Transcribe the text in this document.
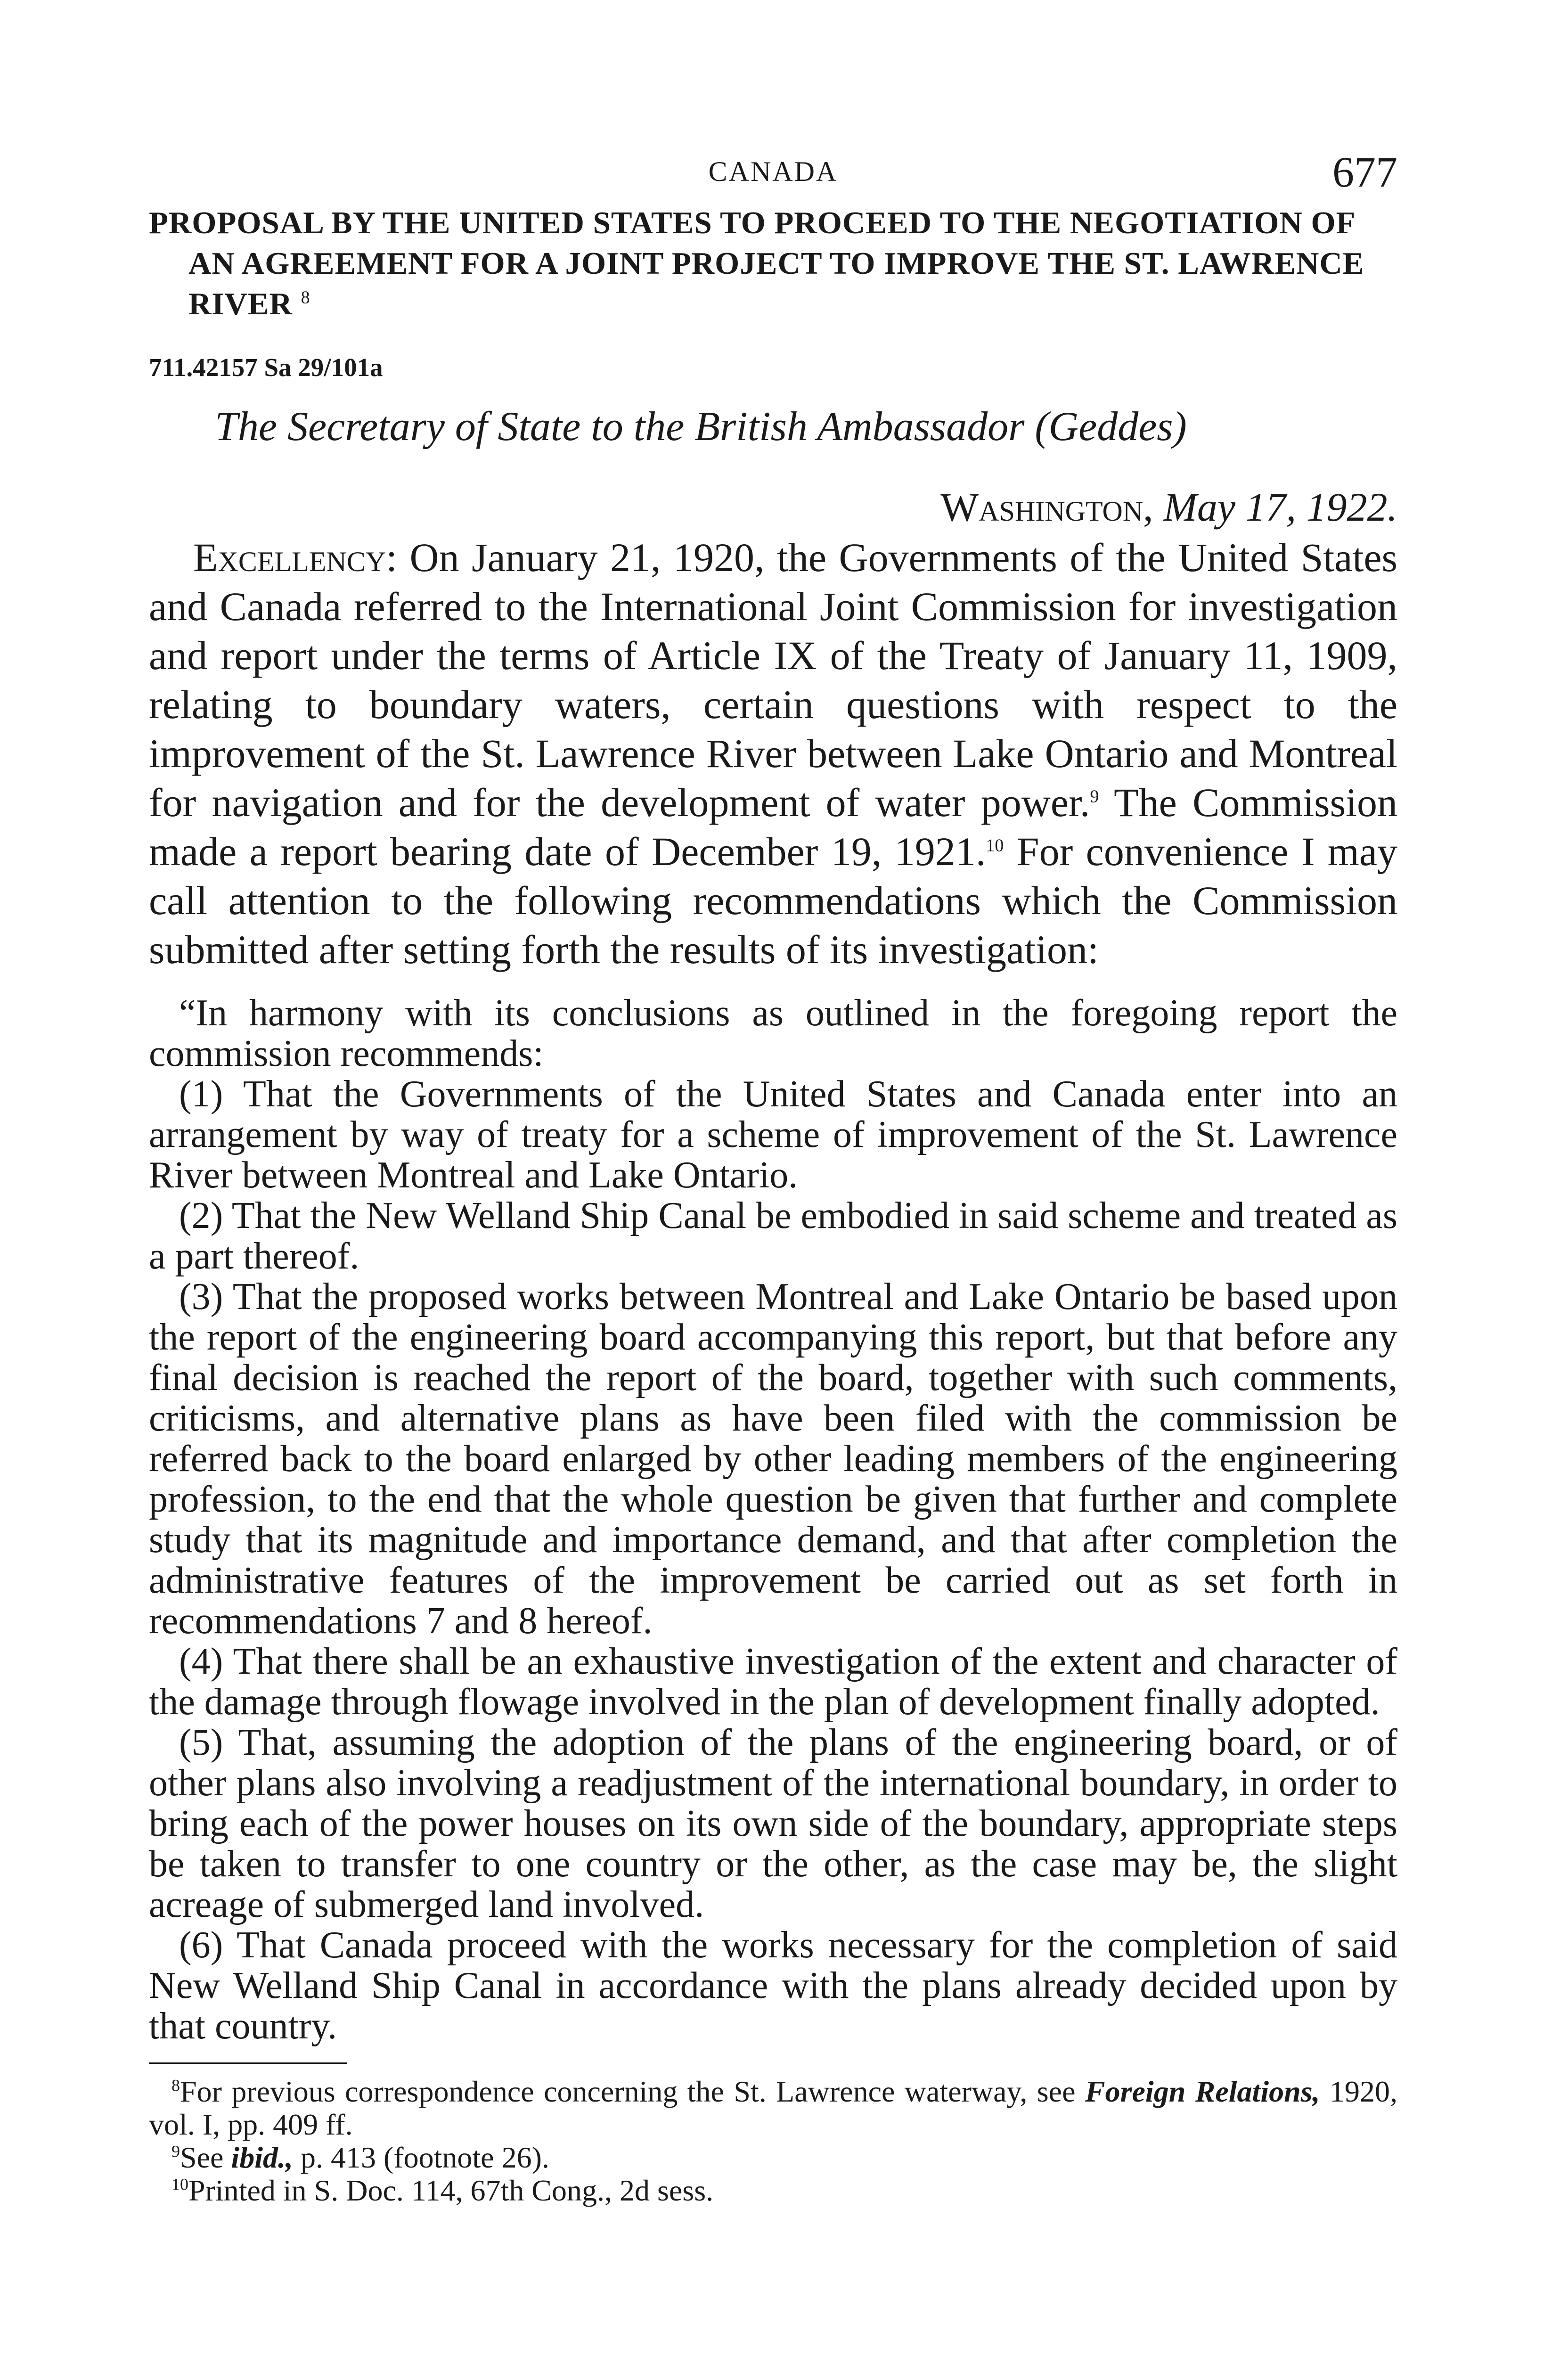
CANADA	677
PROPOSAL BY THE UNITED STATES TO PROCEED TO THE NEGOTIATION OF AN AGREEMENT FOR A JOINT PROJECT TO IMPROVE THE ST. LAWRENCE RIVER $^8$

711.42157 Sa 29/101a

The Secretary of State to the British Ambassador (Geddes)

Washington, May 17, 1922.

Excellency: On January 21, 1920, the Governments of the United States and Canada referred to the International Joint Commission for investigation and report under the terms of Article IX of the Treaty of January 11, 1909, relating to boundary waters, certain questions with respect to the improvement of the St. Lawrence River between Lake Ontario and Montreal for navigation and for the development of water power.$^9$ The Commission made a report bearing date of December 19, 1921.10 For convenience I may call attention to the following recommendations which the Commission submitted after setting forth the results of its investigation:

“In harmony with its conclusions as outlined in the foregoing report the commission recommends:

(1) That the Governments of the United States and Canada enter into an arrangement by way of treaty for a scheme of improvement of the St. Lawrence River between Montreal and Lake Ontario.

(2) That the New Welland Ship Canal be embodied in said scheme and treated as a part thereof.

(3) That the proposed works between Montreal and Lake Ontario be based upon the report of the engineering board accompanying this report, but that before any final decision is reached the report of the board, together with such comments, criticisms, and alternative plans as have been filed with the commission be referred back to the board enlarged by other leading members of the engineering profession, to the end that the whole question be given that further and complete study that its magnitude and importance demand, and that after completion the administrative features of the improvement be carried out as set forth in recommendations 7 and 8 hereof.

(4) That there shall be an exhaustive investigation of the extent and character of the damage through flowage involved in the plan of development finally adopted.

(5) That, assuming the adoption of the plans of the engineering board, or of other plans also involving a readjustment of the international boundary, in order to bring each of the power houses on its own side of the boundary, appropriate steps be taken to transfer to one country or the other, as the case may be, the slight acreage of submerged land involved.

(6) That Canada proceed with the works necessary for the completion of said New Welland Ship Canal in accordance with the plans already decided upon by that country.

$^8$For previous correspondence concerning the St. Lawrence waterway, see Foreign Relations, 1920, vol. I, pp. 409 ff.

$^9$See ibid., p. 413 (footnote 26).

$^{10}$Printed in S. Doc. 114, 67th Cong., 2d sess.
